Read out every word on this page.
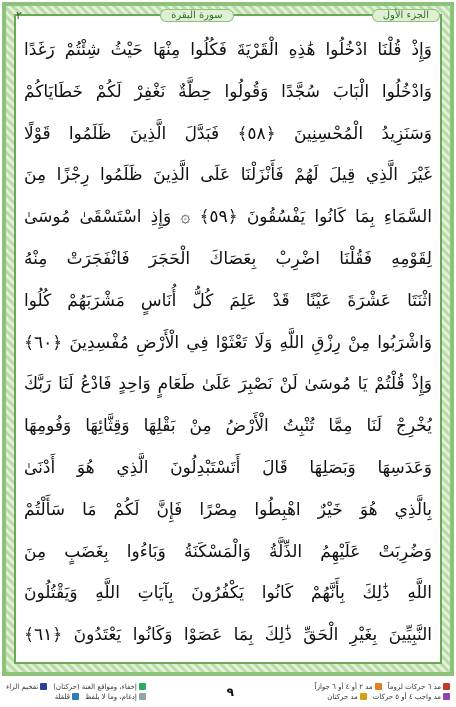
الجزء الأول
سورة البقرة
٢
وَإِذْ قُلْنَا ادْخُلُوا هَٰذِهِ الْقَرْيَةَ فَكُلُوا مِنْهَا حَيْثُ شِئْتُمْ رَغَدًا
وَادْخُلُوا الْبَابَ سُجَّدًا وَقُولُوا حِطَّةٌ نَغْفِرْ لَكُمْ خَطَايَاكُمْ
وَسَنَزِيدُ الْمُحْسِنِينَ ﴿٥٨﴾ فَبَدَّلَ الَّذِينَ ظَلَمُوا قَوْلًا
غَيْرَ الَّذِي قِيلَ لَهُمْ فَأَنْزَلْنَا عَلَى الَّذِينَ ظَلَمُوا رِجْزًا مِنَ
السَّمَاءِ بِمَا كَانُوا يَفْسُقُونَ ﴿٥٩﴾ ۞ وَإِذِ اسْتَسْقَىٰ مُوسَىٰ
لِقَوْمِهِ فَقُلْنَا اضْرِبْ بِعَصَاكَ الْحَجَرَ فَانْفَجَرَتْ مِنْهُ
اثْنَتَا عَشْرَةَ عَيْنًا قَدْ عَلِمَ كُلُّ أُنَاسٍ مَشْرَبَهُمْ كُلُوا
وَاشْرَبُوا مِنْ رِزْقِ اللَّهِ وَلَا تَعْثَوْا فِي الْأَرْضِ مُفْسِدِينَ ﴿٦٠﴾
وَإِذْ قُلْتُمْ يَا مُوسَىٰ لَنْ نَصْبِرَ عَلَىٰ طَعَامٍ وَاحِدٍ فَادْعُ لَنَا رَبَّكَ
يُخْرِجْ لَنَا مِمَّا تُنْبِتُ الْأَرْضُ مِنْ بَقْلِهَا وَقِثَّائِهَا وَفُومِهَا
وَعَدَسِهَا وَبَصَلِهَا قَالَ أَتَسْتَبْدِلُونَ الَّذِي هُوَ أَدْنَىٰ
بِالَّذِي هُوَ خَيْرٌ اهْبِطُوا مِصْرًا فَإِنَّ لَكُمْ مَا سَأَلْتُمْ
وَضُرِبَتْ عَلَيْهِمُ الذِّلَّةُ وَالْمَسْكَنَةُ وَبَاءُوا بِغَضَبٍ مِنَ
اللَّهِ ذَٰلِكَ بِأَنَّهُمْ كَانُوا يَكْفُرُونَ بِآيَاتِ اللَّهِ وَيَقْتُلُونَ
النَّبِيِّينَ بِغَيْرِ الْحَقِّ ذَٰلِكَ بِمَا عَصَوْا وَكَانُوا يَعْتَدُونَ ﴿٦١﴾
مد ٦ حركات لزوماً
مد ٢ أو ٤ أو ٦ جوازاً
مد واجب ٤ أو ٥ حركات
مد حركتان
٩
إخفاء، ومواقع الغنة (حركتان)
تفخيم الراء
إدغام، وما لا يلفظ
قلقلة
